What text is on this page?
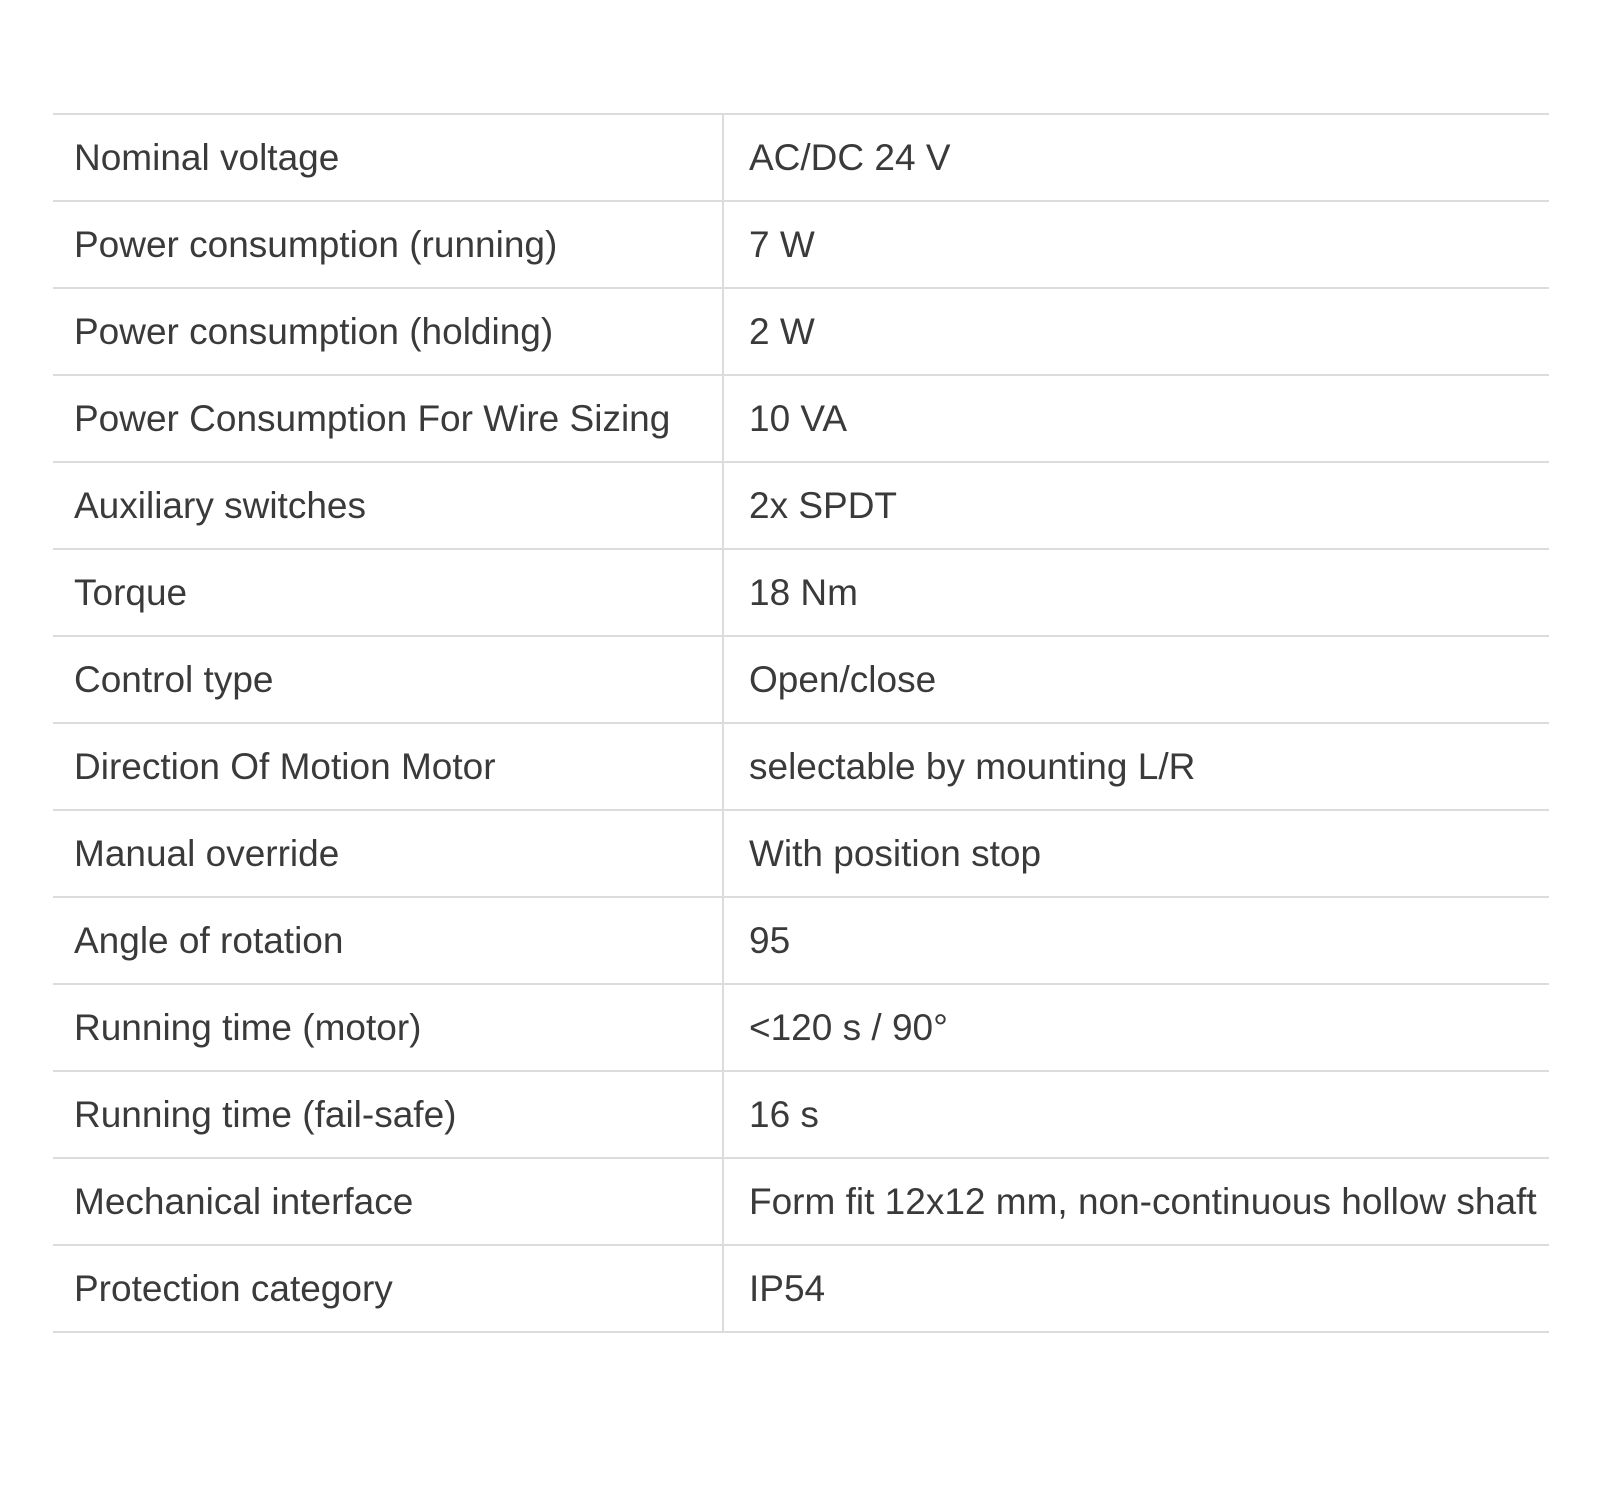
Nominal voltage	AC/DC 24 V
Power consumption (running)	7 W
Power consumption (holding)	2 W
Power Consumption For Wire Sizing	10 VA
Auxiliary switches	2x SPDT
Torque	18 Nm
Control type	Open/close
Direction Of Motion Motor	selectable by mounting L/R
Manual override	With position stop
Angle of rotation	95
Running time (motor)	<120 s / 90°
Running time (fail-safe)	16 s
Mechanical interface	Form fit 12x12 mm, non-continuous hollow shaft
Protection category	IP54
